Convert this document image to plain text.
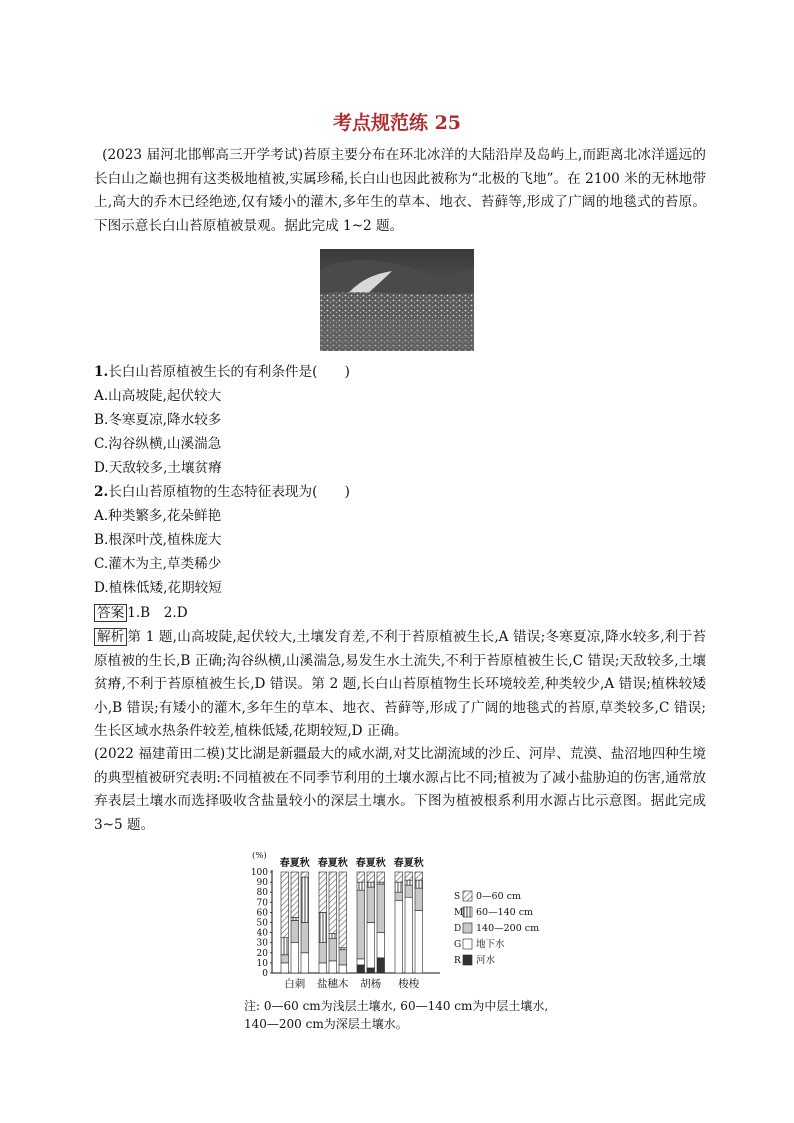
考点规范练 25

(2023 届河北邯郸高三开学考试)苔原主要分布在环北冰洋的大陆沿岸及岛屿上,而距离北冰洋遥远的长白山之巅也拥有这类极地植被,实属珍稀,长白山也因此被称为“北极的飞地”。在 2100 米的无林地带上,高大的乔木已经绝迹,仅有矮小的灌木,多年生的草本、地衣、苔藓等,形成了广阔的地毯式的苔原。下图示意长白山苔原植被景观。据此完成 1~2 题。

1.长白山苔原植被生长的有利条件是(　　)
A.山高坡陡,起伏较大
B.冬寒夏凉,降水较多
C.沟谷纵横,山溪湍急
D.天敌较多,土壤贫瘠
2.长白山苔原植物的生态特征表现为(　　)
A.种类繁多,花朵鲜艳
B.根深叶茂,植株庞大
C.灌木为主,草类稀少
D.植株低矮,花期较短
答案 1.B　2.D

解析 第 1 题,山高坡陡,起伏较大,土壤发育差,不利于苔原植被生长,A 错误;冬寒夏凉,降水较多,利于苔原植被的生长,B 正确;沟谷纵横,山溪湍急,易发生水土流失,不利于苔原植被生长,C 错误;天敌较多,土壤贫瘠,不利于苔原植被生长,D 错误。第 2 题,长白山苔原植物生长环境较差,种类较少,A 错误;植株较矮小,B 错误;有矮小的灌木,多年生的草本、地衣、苔藓等,形成了广阔的地毯式的苔原,草类较多,C 错误;生长区域水热条件较差,植株低矮,花期较短,D 正确。

(2022 福建莆田二模)艾比湖是新疆最大的咸水湖,对艾比湖流域的沙丘、河岸、荒漠、盐沼地四种生境的典型植被研究表明:不同植被在不同季节利用的土壤水源占比不同;植被为了减小盐胁迫的伤害,通常放弃表层土壤水而选择吸收含盐量较小的深层土壤水。下图为植被根系利用水源占比示意图。据此完成 3~5 题。

0
10
20
30
40
50
60
70
80
90
100
(%)
春 夏 秋
白刺
春 夏 秋
盐穗木
春 夏 秋
胡杨
春 夏 秋
梭梭
S 0—60 cm
M 60—140 cm
D 140—200 cm
G 地下水
R 河水
注: 0—60 cm为浅层土壤水, 60—140 cm为中层土壤水,
140—200 cm为深层土壤水。
